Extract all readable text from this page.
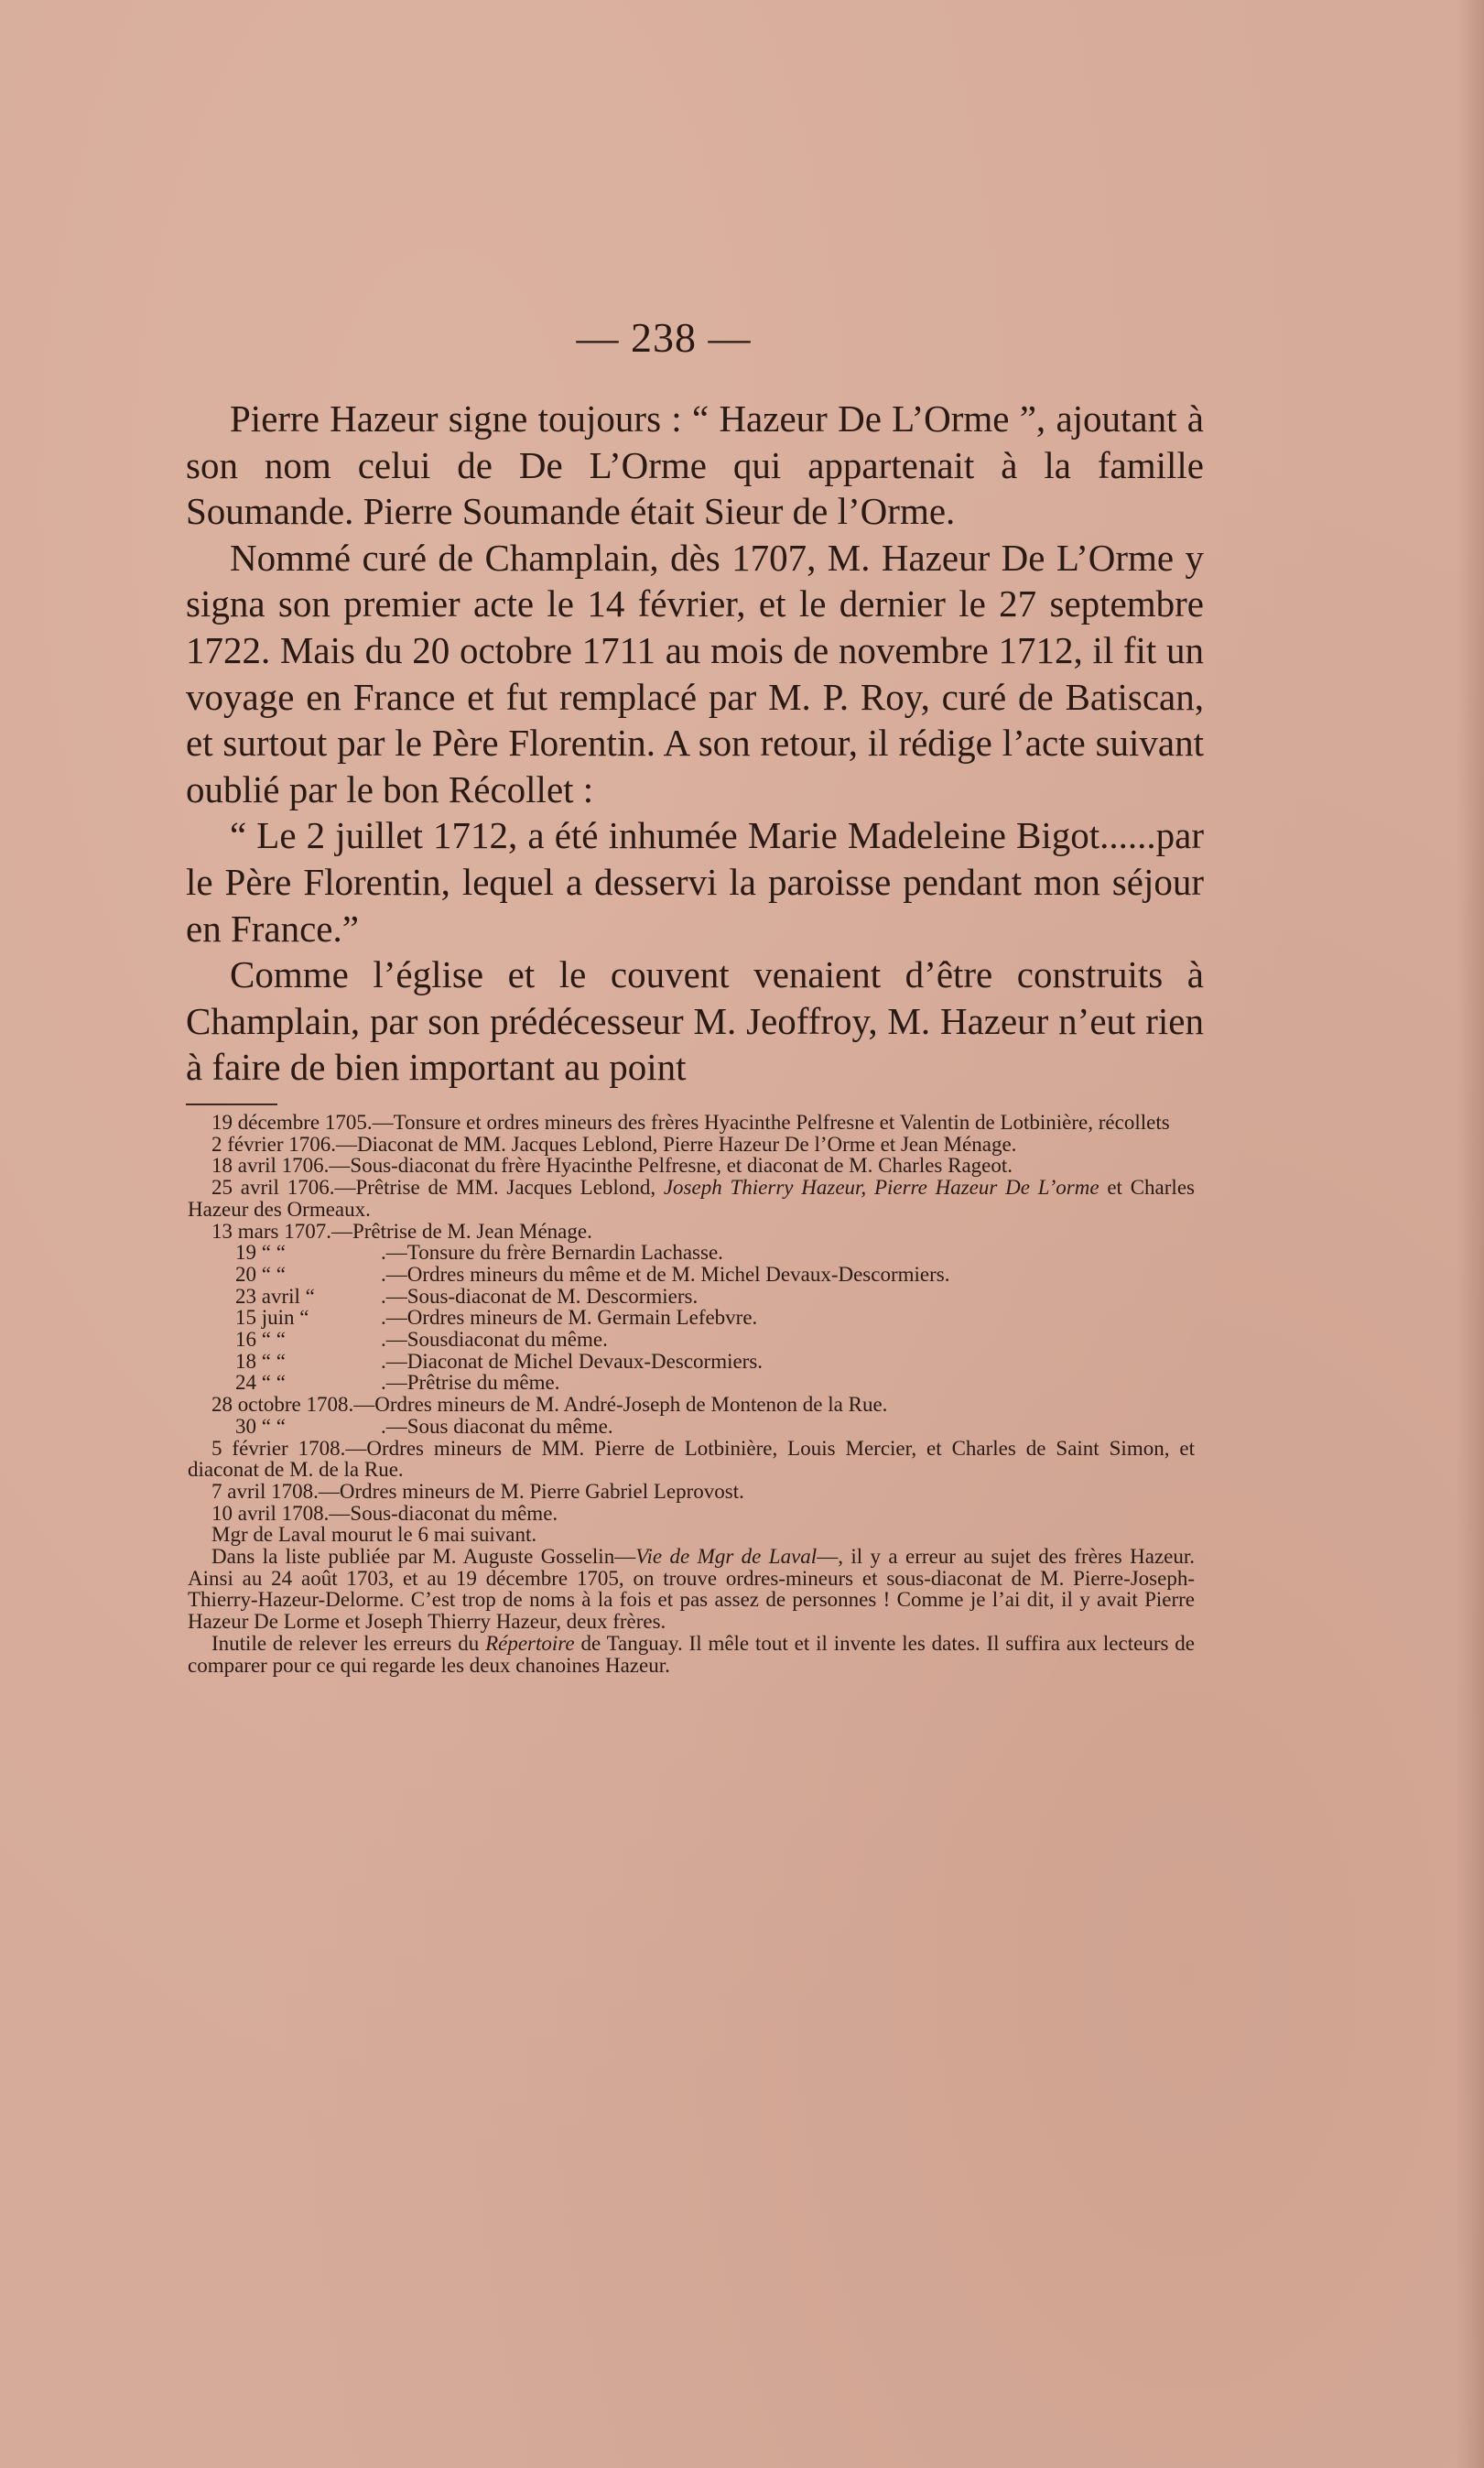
— 238 —

Pierre Hazeur signe toujours : “ Hazeur De L’Orme ”, ajoutant à son nom celui de De L’Orme qui appartenait à la famille Soumande. Pierre Soumande était Sieur de l’Orme.

Nommé curé de Champlain, dès 1707, M. Hazeur De L’Orme y signa son premier acte le 14 février, et le dernier le 27 septembre 1722. Mais du 20 octobre 1711 au mois de novembre 1712, il fit un voyage en France et fut remplacé par M. P. Roy, curé de Batiscan, et surtout par le Père Florentin. A son retour, il rédige l’acte suivant oublié par le bon Récollet :

“ Le 2 juillet 1712, a été inhumée Marie Madeleine Bigot......par le Père Florentin, lequel a desservi la paroisse pendant mon séjour en France.”

Comme l’église et le couvent venaient d’être construits à Champlain, par son prédécesseur M. Jeoffroy, M. Hazeur n’eut rien à faire de bien important au point

19 décembre 1705.—Tonsure et ordres mineurs des frères Hyacinthe Pelfresne et Valentin de Lotbinière, récollets

2 février 1706.—Diaconat de MM. Jacques Leblond, Pierre Hazeur De l’Orme et Jean Ménage.

18 avril 1706.—Sous-diaconat du frère Hyacinthe Pelfresne, et diaconat de M. Charles Rageot.

25 avril 1706.—Prêtrise de MM. Jacques Leblond, Joseph Thierry Hazeur, Pierre Hazeur De L’orme et Charles Hazeur des Ormeaux.

13 mars 1707.—Prêtrise de M. Jean Ménage.

19 “ “	.—Tonsure du frère Bernardin Lachasse.

20 “ “	.—Ordres mineurs du même et de M. Michel Devaux-Descormiers.

23 avril “	.—Sous-diaconat de M. Descormiers.

15 juin “	.—Ordres mineurs de M. Germain Lefebvre.

16 “ “	.—Sousdiaconat du même.

18 “ “	.—Diaconat de Michel Devaux-Descormiers.

24 “ “	.—Prêtrise du même.

28 octobre 1708.—Ordres mineurs de M. André-Joseph de Montenon de la Rue.

30 “ “	.—Sous diaconat du même.

5 février 1708.—Ordres mineurs de MM. Pierre de Lotbinière, Louis Mercier, et Charles de Saint Simon, et diaconat de M. de la Rue.

7 avril 1708.—Ordres mineurs de M. Pierre Gabriel Leprovost.

10 avril 1708.—Sous-diaconat du même.

Mgr de Laval mourut le 6 mai suivant.

Dans la liste publiée par M. Auguste Gosselin—Vie de Mgr de Laval—, il y a erreur au sujet des frères Hazeur. Ainsi au 24 août 1703, et au 19 décembre 1705, on trouve ordres-mineurs et sous-diaconat de M. Pierre-Joseph-Thierry-Hazeur-Delorme. C’est trop de noms à la fois et pas assez de personnes ! Comme je l’ai dit, il y avait Pierre Hazeur De Lorme et Joseph Thierry Hazeur, deux frères.

Inutile de relever les erreurs du Répertoire de Tanguay. Il mêle tout et il invente les dates. Il suffira aux lecteurs de comparer pour ce qui regarde les deux chanoines Hazeur.
